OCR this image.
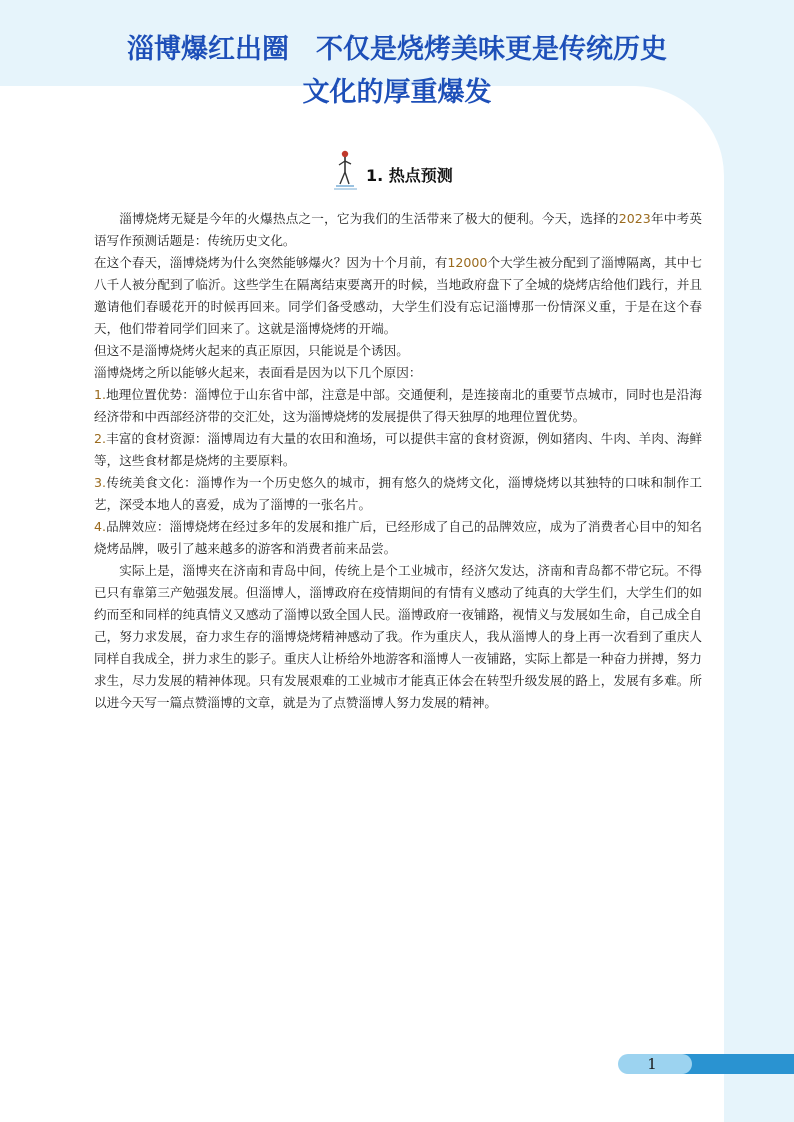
淄博爆红出圈　不仅是烧烤美味更是传统历史
文化的厚重爆发
1. 热点预测

淄博烧烤无疑是今年的火爆热点之一，它为我们的生活带来了极大的便利。今天，选择的2023年中考英语写作预测话题是：传统历史文化。

在这个春天，淄博烧烤为什么突然能够爆火？因为十个月前，有12000个大学生被分配到了淄博隔离，其中七八千人被分配到了临沂。这些学生在隔离结束要离开的时候，当地政府盘下了全城的烧烤店给他们践行，并且邀请他们春暖花开的时候再回来。同学们备受感动，大学生们没有忘记淄博那一份情深义重，于是在这个春天，他们带着同学们回来了。这就是淄博烧烤的开端。

但这不是淄博烧烤火起来的真正原因，只能说是个诱因。

淄博烧烤之所以能够火起来，表面看是因为以下几个原因：

1.地理位置优势：淄博位于山东省中部，注意是中部。交通便利，是连接南北的重要节点城市，同时也是沿海经济带和中西部经济带的交汇处，这为淄博烧烤的发展提供了得天独厚的地理位置优势。

2.丰富的食材资源：淄博周边有大量的农田和渔场，可以提供丰富的食材资源，例如猪肉、牛肉、羊肉、海鲜等，这些食材都是烧烤的主要原料。

3.传统美食文化：淄博作为一个历史悠久的城市，拥有悠久的烧烤文化，淄博烧烤以其独特的口味和制作工艺，深受本地人的喜爱，成为了淄博的一张名片。

4.品牌效应：淄博烧烤在经过多年的发展和推广后，已经形成了自己的品牌效应，成为了消费者心目中的知名烧烤品牌，吸引了越来越多的游客和消费者前来品尝。

实际上是，淄博夹在济南和青岛中间，传统上是个工业城市，经济欠发达，济南和青岛都不带它玩。不得已只有靠第三产勉强发展。但淄博人，淄博政府在疫情期间的有情有义感动了纯真的大学生们，大学生们的如约而至和同样的纯真情义又感动了淄博以致全国人民。淄博政府一夜铺路，视情义与发展如生命，自己成全自己，努力求发展，奋力求生存的淄博烧烤精神感动了我。作为重庆人，我从淄博人的身上再一次看到了重庆人同样自我成全，拼力求生的影子。重庆人让桥给外地游客和淄博人一夜铺路，实际上都是一种奋力拼搏，努力求生，尽力发展的精神体现。只有发展艰难的工业城市才能真正体会在转型升级发展的路上，发展有多难。所以进今天写一篇点赞淄博的文章，就是为了点赞淄博人努力发展的精神。

1
